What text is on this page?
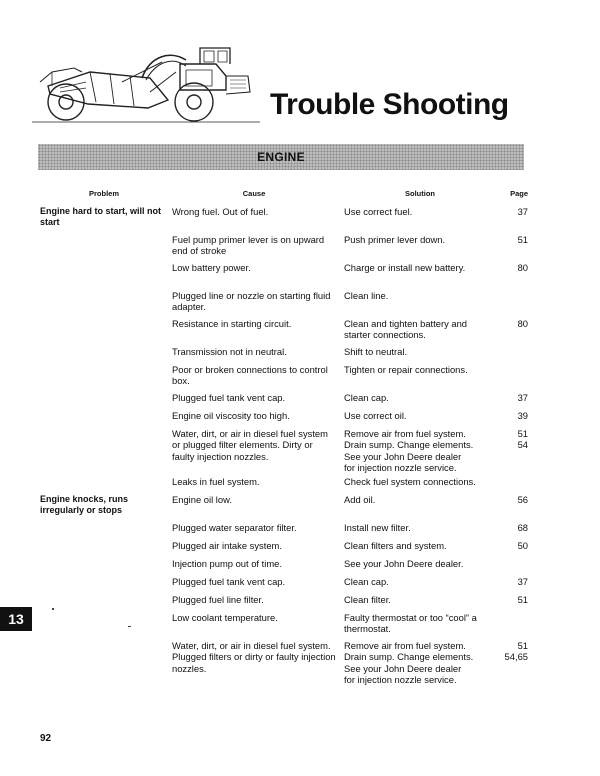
Trouble Shooting
ENGINE
Problem	Cause	Solution	Page
Engine hard to start, will not start	Wrong fuel. Out of fuel.	Use correct fuel.	37
	Fuel pump primer lever is on upward end of stroke	Push primer lever down.	51
	Low battery power.	Charge or install new battery.	80
	Plugged line or nozzle on starting fluid adapter.	Clean line.	
	Resistance in starting circuit.	Clean and tighten battery and starter connections.	80
	Transmission not in neutral.	Shift to neutral.	
	Poor or broken connections to control box.	Tighten or repair connections.	
	Plugged fuel tank vent cap.	Clean cap.	37
	Engine oil viscosity too high.	Use correct oil.	39
	Water, dirt, or air in diesel fuel system or plugged filter elements. Dirty or faulty injection nozzles.	Remove air from fuel system.
Drain sump. Change elements.
See your John Deere dealer
for injection nozzle service.	51
54
	Leaks in fuel system.	Check fuel system connections.	
Engine knocks, runs irregularly or stops	Engine oil low.	Add oil.	56
	Plugged water separator filter.	Install new filter.	68
	Plugged air intake system.	Clean filters and system.	50
	Injection pump out of time.	See your John Deere dealer.	
	Plugged fuel tank vent cap.	Clean cap.	37
	Plugged fuel line filter.	Clean filter.	51
	Low coolant temperature.	Faulty thermostat or too “cool” a thermostat.	
	Water, dirt, or air in diesel fuel system. Plugged filters or dirty or faulty injection nozzles.	Remove air from fuel system.
Drain sump. Change elements.
See your John Deere dealer
for injection nozzle service.	51
54,65
13
92
